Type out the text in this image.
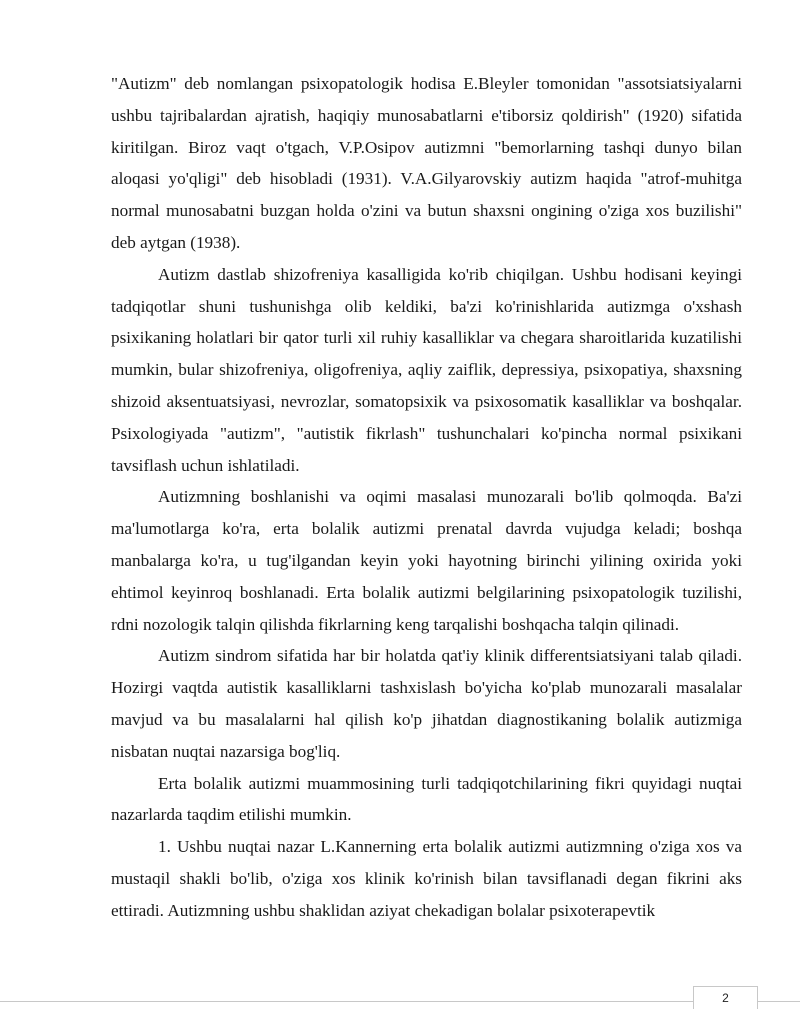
"Autizm" deb nomlangan psixopatologik hodisa E.Bleyler tomonidan "assotsiatsiyalarni ushbu tajribalardan ajratish, haqiqiy munosabatlarni e'tiborsiz qoldirish" (1920) sifatida kiritilgan. Biroz vaqt o'tgach, V.P.Osipov autizmni "bemorlarning tashqi dunyo bilan aloqasi yo'qligi" deb hisobladi (1931). V.A.Gilyarovskiy autizm haqida "atrof-muhitga normal munosabatni buzgan holda o'zini va butun shaxsni ongining o'ziga xos buzilishi" deb aytgan (1938).

Autizm dastlab shizofreniya kasalligida ko'rib chiqilgan. Ushbu hodisani keyingi tadqiqotlar shuni tushunishga olib keldiki, ba'zi ko'rinishlarida autizmga o'xshash psixikaning holatlari bir qator turli xil ruhiy kasalliklar va chegara sharoitlarida kuzatilishi mumkin, bular shizofreniya, oligofreniya, aqliy zaiflik, depressiya, psixopatiya, shaxsning shizoid aksentuatsiyasi, nevrozlar, somatopsixik va psixosomatik kasalliklar va boshqalar. Psixologiyada "autizm", "autistik fikrlash" tushunchalari ko'pincha normal psixikani tavsiflash uchun ishlatiladi.

Autizmning boshlanishi va oqimi masalasi munozarali bo'lib qolmoqda. Ba'zi ma'lumotlarga ko'ra, erta bolalik autizmi prenatal davrda vujudga keladi; boshqa manbalarga ko'ra, u tug'ilgandan keyin yoki hayotning birinchi yilining oxirida yoki ehtimol keyinroq boshlanadi. Erta bolalik autizmi belgilarining psixopatologik tuzilishi, rdni nozologik talqin qilishda fikrlarning keng tarqalishi boshqacha talqin qilinadi.

Autizm sindrom sifatida har bir holatda qat'iy klinik differentsiatsiyani talab qiladi. Hozirgi vaqtda autistik kasalliklarni tashxislash bo'yicha ko'plab munozarali masalalar mavjud va bu masalalarni hal qilish ko'p jihatdan diagnostikaning bolalik autizmiga nisbatan nuqtai nazarsiga bog'liq.

Erta bolalik autizmi muammosining turli tadqiqotchilarining fikri quyidagi nuqtai nazarlarda taqdim etilishi mumkin.

1. Ushbu nuqtai nazar L.Kannerning erta bolalik autizmi autizmning o'ziga xos va mustaqil shakli bo'lib, o'ziga xos klinik ko'rinish bilan tavsiflanadi degan fikrini aks ettiradi. Autizmning ushbu shaklidan aziyat chekadigan bolalar psixoterapevtik

2
